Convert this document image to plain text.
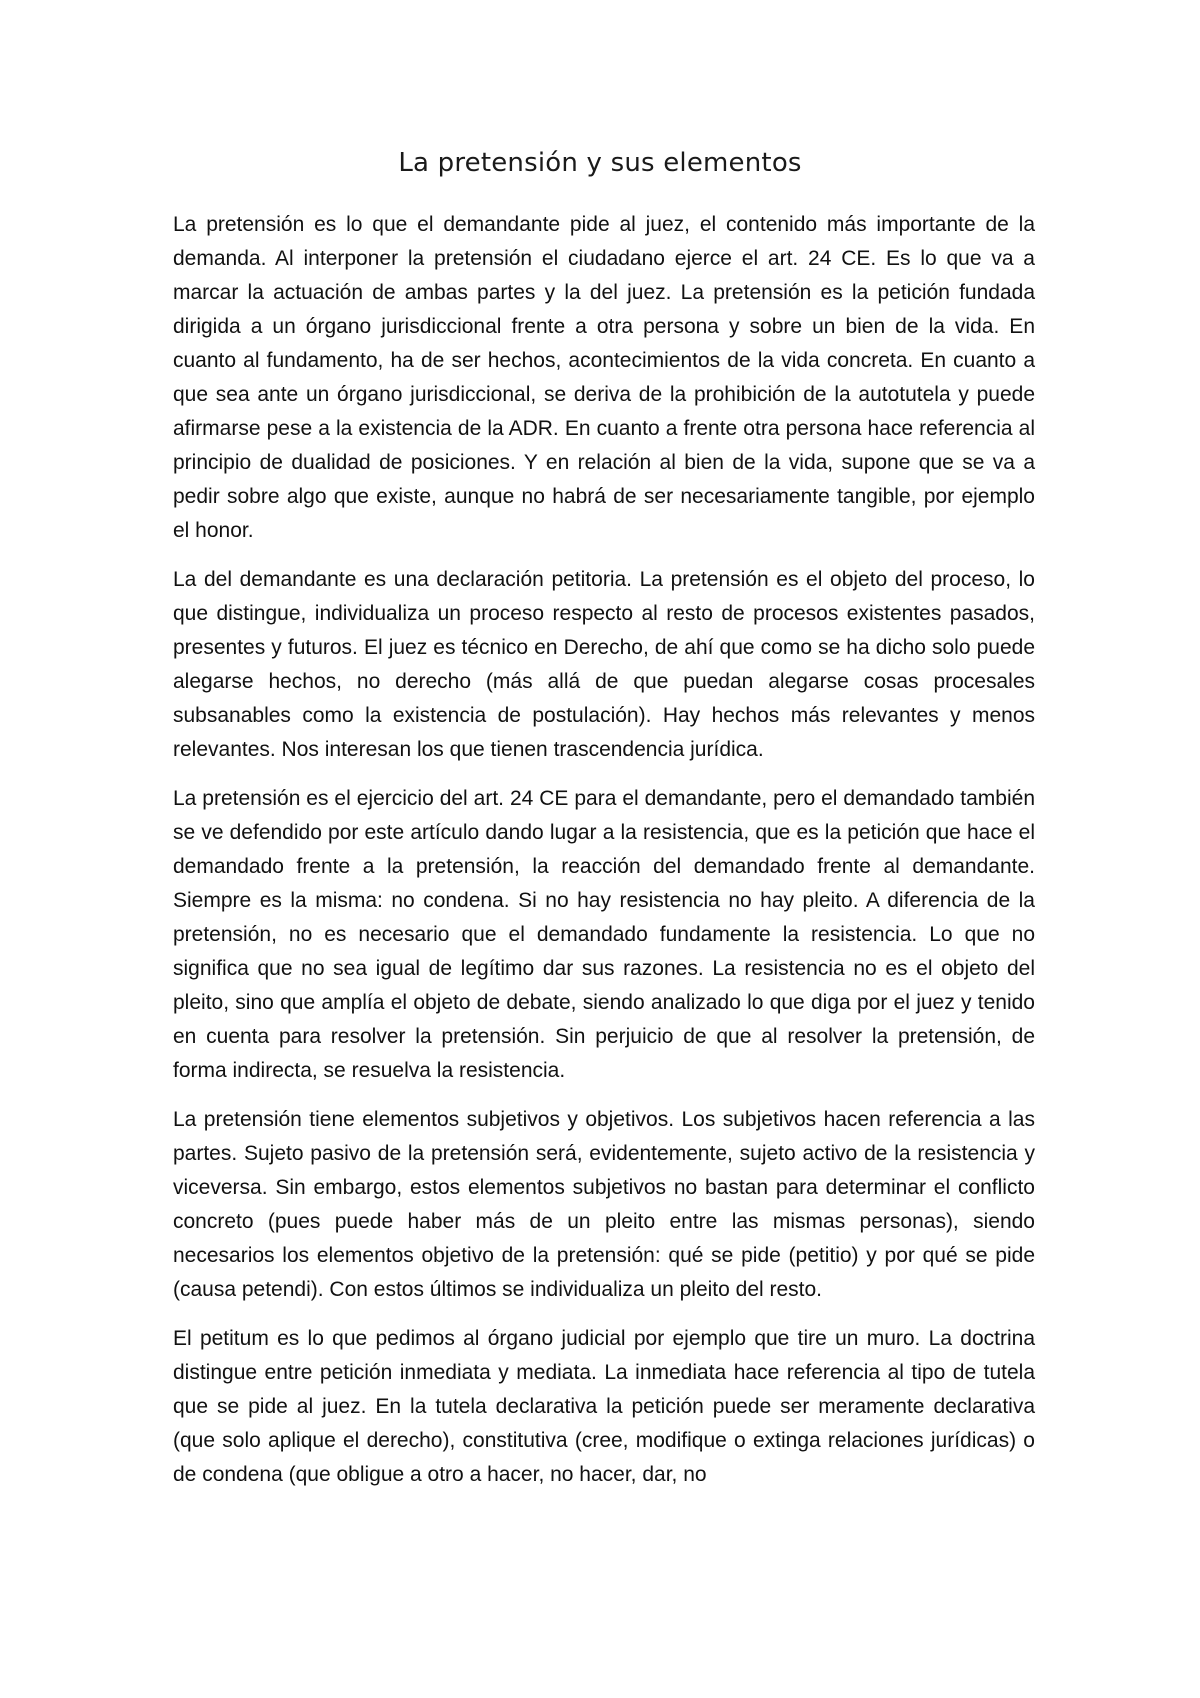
La pretensión y sus elementos

La pretensión es lo que el demandante pide al juez, el contenido más importante de la demanda. Al interponer la pretensión el ciudadano ejerce el art. 24 CE. Es lo que va a marcar la actuación de ambas partes y la del juez. La pretensión es la petición fundada dirigida a un órgano jurisdiccional frente a otra persona y sobre un bien de la vida. En cuanto al fundamento, ha de ser hechos, acontecimientos de la vida concreta. En cuanto a que sea ante un órgano jurisdiccional, se deriva de la prohibición de la autotutela y puede afirmarse pese a la existencia de la ADR. En cuanto a frente otra persona hace referencia al principio de dualidad de posiciones. Y en relación al bien de la vida, supone que se va a pedir sobre algo que existe, aunque no habrá de ser necesariamente tangible, por ejemplo el honor.

La del demandante es una declaración petitoria. La pretensión es el objeto del proceso, lo que distingue, individualiza un proceso respecto al resto de procesos existentes pasados, presentes y futuros. El juez es técnico en Derecho, de ahí que como se ha dicho solo puede alegarse hechos, no derecho (más allá de que puedan alegarse cosas procesales subsanables como la existencia de postulación). Hay hechos más relevantes y menos relevantes. Nos interesan los que tienen trascendencia jurídica.

La pretensión es el ejercicio del art. 24 CE para el demandante, pero el demandado también se ve defendido por este artículo dando lugar a la resistencia, que es la petición que hace el demandado frente a la pretensión, la reacción del demandado frente al demandante. Siempre es la misma: no condena. Si no hay resistencia no hay pleito. A diferencia de la pretensión, no es necesario que el demandado fundamente la resistencia. Lo que no significa que no sea igual de legítimo dar sus razones. La resistencia no es el objeto del pleito, sino que amplía el objeto de debate, siendo analizado lo que diga por el juez y tenido en cuenta para resolver la pretensión. Sin perjuicio de que al resolver la pretensión, de forma indirecta, se resuelva la resistencia.

La pretensión tiene elementos subjetivos y objetivos. Los subjetivos hacen referencia a las partes. Sujeto pasivo de la pretensión será, evidentemente, sujeto activo de la resistencia y viceversa. Sin embargo, estos elementos subjetivos no bastan para determinar el conflicto concreto (pues puede haber más de un pleito entre las mismas personas), siendo necesarios los elementos objetivo de la pretensión: qué se pide (petitio) y por qué se pide (causa petendi). Con estos últimos se individualiza un pleito del resto.

El petitum es lo que pedimos al órgano judicial por ejemplo que tire un muro. La doctrina distingue entre petición inmediata y mediata. La inmediata hace referencia al tipo de tutela que se pide al juez. En la tutela declarativa la petición puede ser meramente declarativa (que solo aplique el derecho), constitutiva (cree, modifique o extinga relaciones jurídicas) o de condena (que obligue a otro a hacer, no hacer, dar, no
